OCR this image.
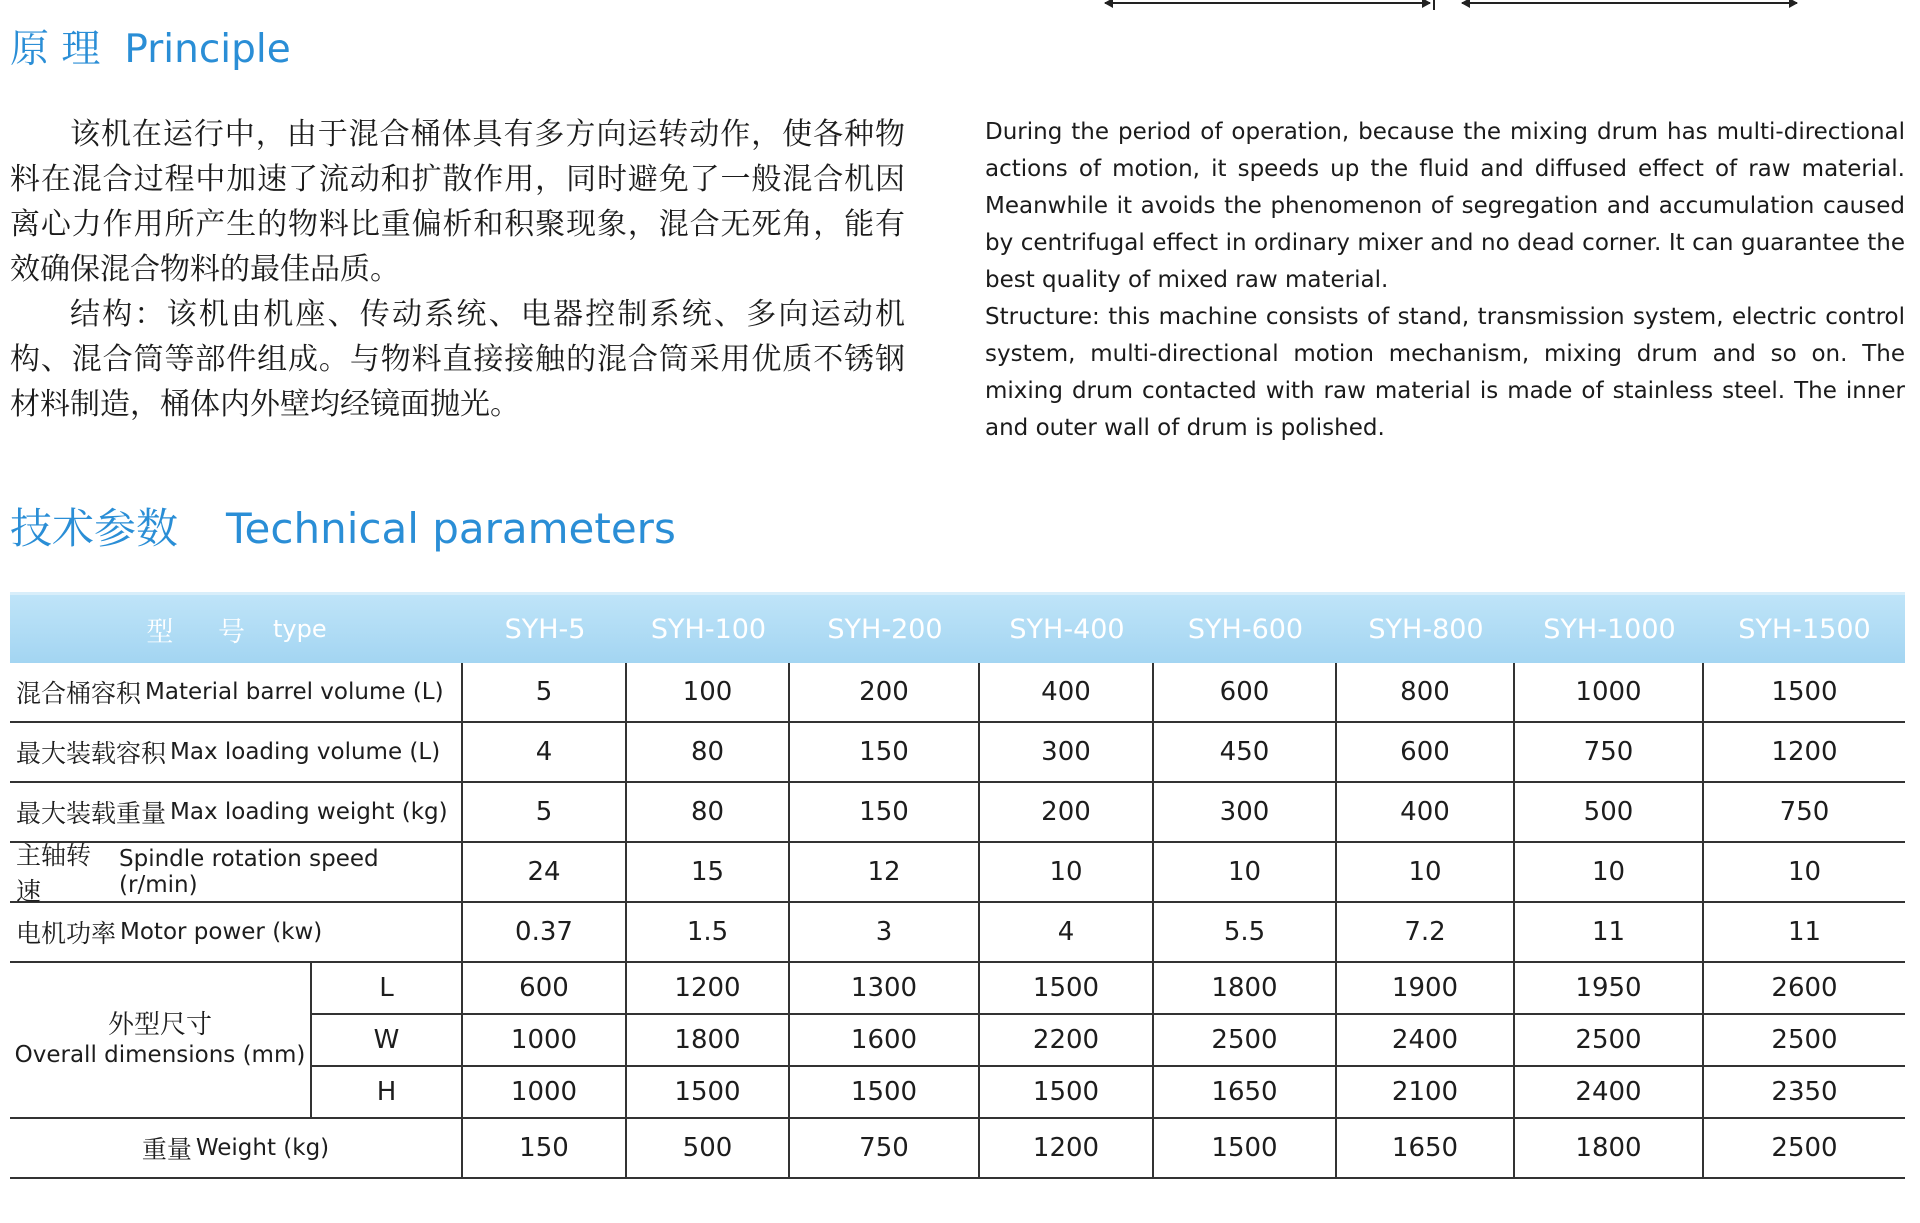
原 理 Principle

该机在运行中，由于混合桶体具有多方向运转动作，使各种物料在混合过程中加速了流动和扩散作用，同时避免了一般混合机因离心力作用所产生的物料比重偏析和积聚现象，混合无死角，能有效确保混合物料的最佳品质。

结构：该机由机座、传动系统、电器控制系统、多向运动机构、混合筒等部件组成。与物料直接接触的混合筒采用优质不锈钢材料制造，桶体内外壁均经镜面抛光。

During the period of operation, because the mixing drum has multi-directional actions of motion, it speeds up the fluid and diffused effect of raw material. Meanwhile it avoids the phenomenon of segregation and accumulation caused by centrifugal effect in ordinary mixer and no dead corner. It can guarantee the best quality of mixed raw material.

Structure: this machine consists of stand, transmission system, electric control system, multi-directional motion mechanism, mixing drum and so on. The mixing drum contacted with raw material is made of stainless steel. The inner and outer wall of drum is polished.

技术参数 Technical parameters
型 号 type	SYH-5	SYH-100	SYH-200	SYH-400	SYH-600	SYH-800	SYH-1000	SYH-1500
混合桶容积 Material barrel volume (L)	5	100	200	400	600	800	1000	1500
最大装载容积 Max loading volume (L)	4	80	150	300	450	600	750	1200
最大装载重量 Max loading weight (kg)	5	80	150	200	300	400	500	750
主轴转速
Spindle rotation speed (r/min)	24	15	12	10	10	10	10	10
电机功率 Motor power (kw)	0.37	1.5	3	4	5.5	7.2	11	11
外型尺寸
Overall dimensions (mm)
L	600	1200	1300	1500	1800	1900	1950	2600
W	1000	1800	1600	2200	2500	2400	2500	2500
H	1000	1500	1500	1500	1650	2100	2400	2350
重量 Weight (kg)	150	500	750	1200	1500	1650	1800	2500
